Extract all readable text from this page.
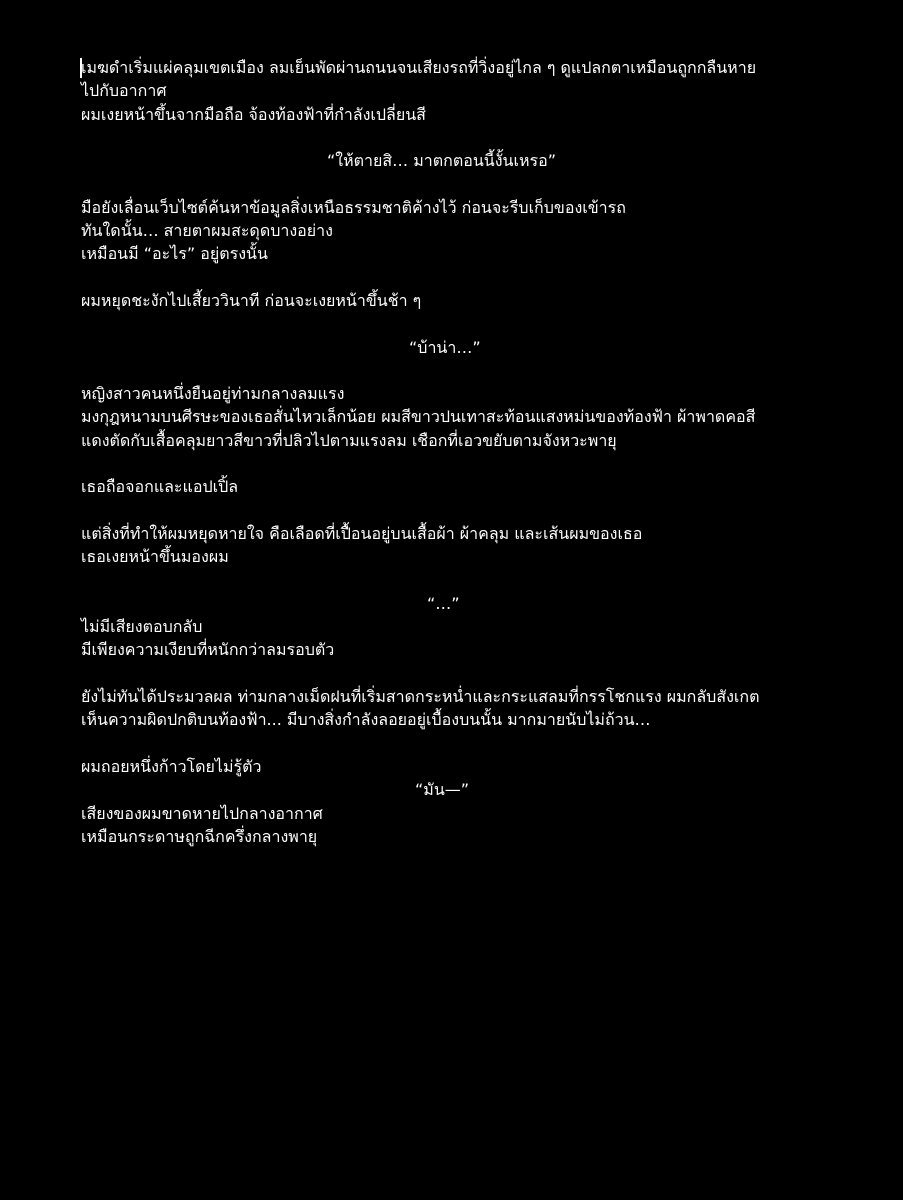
เมฆดำเริ่มแผ่คลุมเขตเมือง ลมเย็นพัดผ่านถนนจนเสียงรถที่วิ่งอยู่ไกล ๆ ดูแปลกตาเหมือนถูกกลืนหาย

ไปกับอากาศ

ผมเงยหน้าขึ้นจากมือถือ จ้องท้องฟ้าที่กำลังเปลี่ยนสี

“ให้ตายสิ… มาตกตอนนี้งั้นเหรอ”

มือยังเลื่อนเว็บไซต์ค้นหาข้อมูลสิ่งเหนือธรรมชาติค้างไว้ ก่อนจะรีบเก็บของเข้ารถ

ทันใดนั้น… สายตาผมสะดุดบางอย่าง

เหมือนมี “อะไร” อยู่ตรงนั้น

ผมหยุดชะงักไปเสี้ยววินาที ก่อนจะเงยหน้าขึ้นช้า ๆ

“บ้าน่า…”

หญิงสาวคนหนึ่งยืนอยู่ท่ามกลางลมแรง

มงกุฎหนามบนศีรษะของเธอสั่นไหวเล็กน้อย ผมสีขาวปนเทาสะท้อนแสงหม่นของท้องฟ้า ผ้าพาดคอสี

แดงตัดกับเสื้อคลุมยาวสีขาวที่ปลิวไปตามแรงลม เชือกที่เอวขยับตามจังหวะพายุ

เธอถือจอกและแอปเปิ้ล

แต่สิ่งที่ทำให้ผมหยุดหายใจ คือเลือดที่เปื้อนอยู่บนเสื้อผ้า ผ้าคลุม และเส้นผมของเธอ

เธอเงยหน้าขึ้นมองผม

“…”

ไม่มีเสียงตอบกลับ

มีเพียงความเงียบที่หนักกว่าลมรอบตัว

ยังไม่ทันได้ประมวลผล ท่ามกลางเม็ดฝนที่เริ่มสาดกระหน่ำและกระแสลมที่กรรโชกแรง ผมกลับสังเกต

เห็นความผิดปกติบนท้องฟ้า... มีบางสิ่งกำลังลอยอยู่เบื้องบนนั้น มากมายนับไม่ถ้วน…

ผมถอยหนึ่งก้าวโดยไม่รู้ตัว

“มัน—”

เสียงของผมขาดหายไปกลางอากาศ

เหมือนกระดาษถูกฉีกครึ่งกลางพายุ
